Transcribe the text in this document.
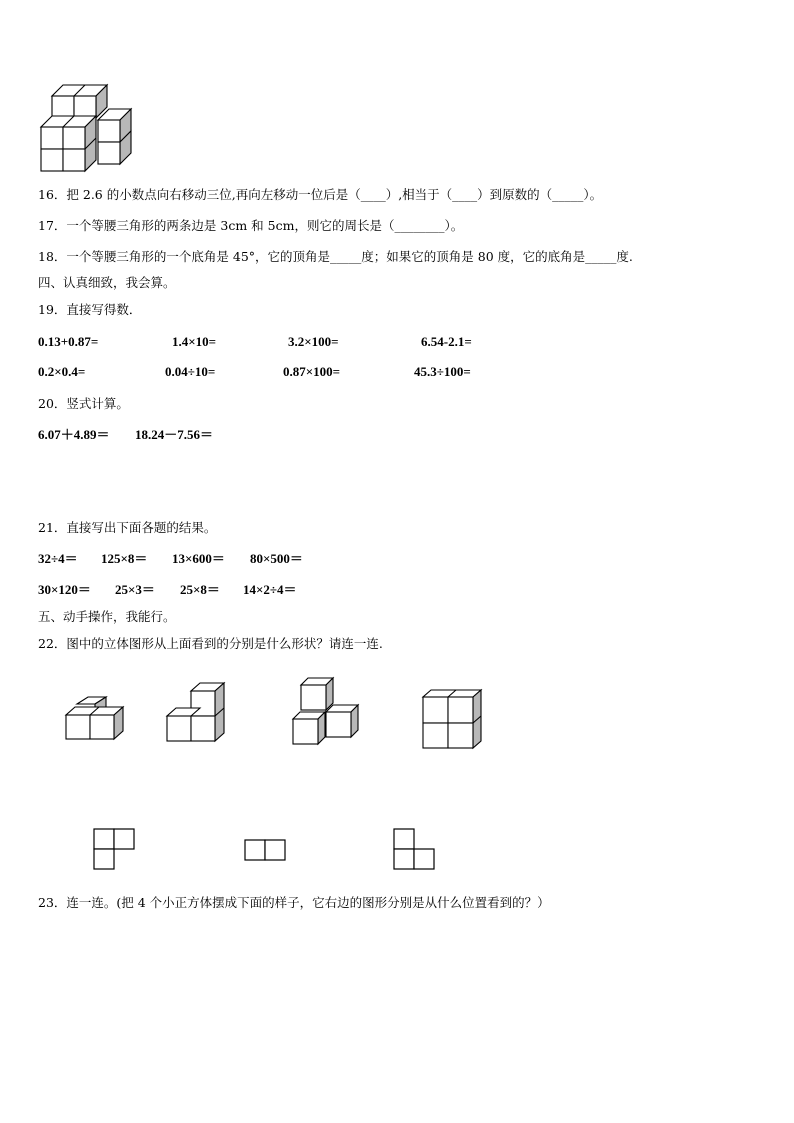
16．把 2.6 的小数点向右移动三位,再向左移动一位后是（____）,相当于（____）到原数的（_____）。
17．一个等腰三角形的两条边是 3cm 和 5cm，则它的周长是（________）。
18．一个等腰三角形的一个底角是 45°，它的顶角是_____度；如果它的顶角是 80 度，它的底角是_____度.
四、认真细致，我会算。
19．直接写得数．
0.13+0.87=	1.4×10=	3.2×100=	6.54-2.1=
0.2×0.4=	0.04÷10=	0.87×100=	45.3÷100=
20．竖式计算。
6.07＋4.89＝ 18.24－7.56＝
21．直接写出下面各题的结果。
32÷4＝ 125×8＝ 13×600＝ 80×500＝
30×120＝ 25×3＝ 25×8＝ 14×2÷4＝
五、动手操作，我能行。
22．图中的立体图形从上面看到的分别是什么形状？请连一连.
23．连一连。(把 4 个小正方体摆成下面的样子，它右边的图形分别是从什么位置看到的？）
